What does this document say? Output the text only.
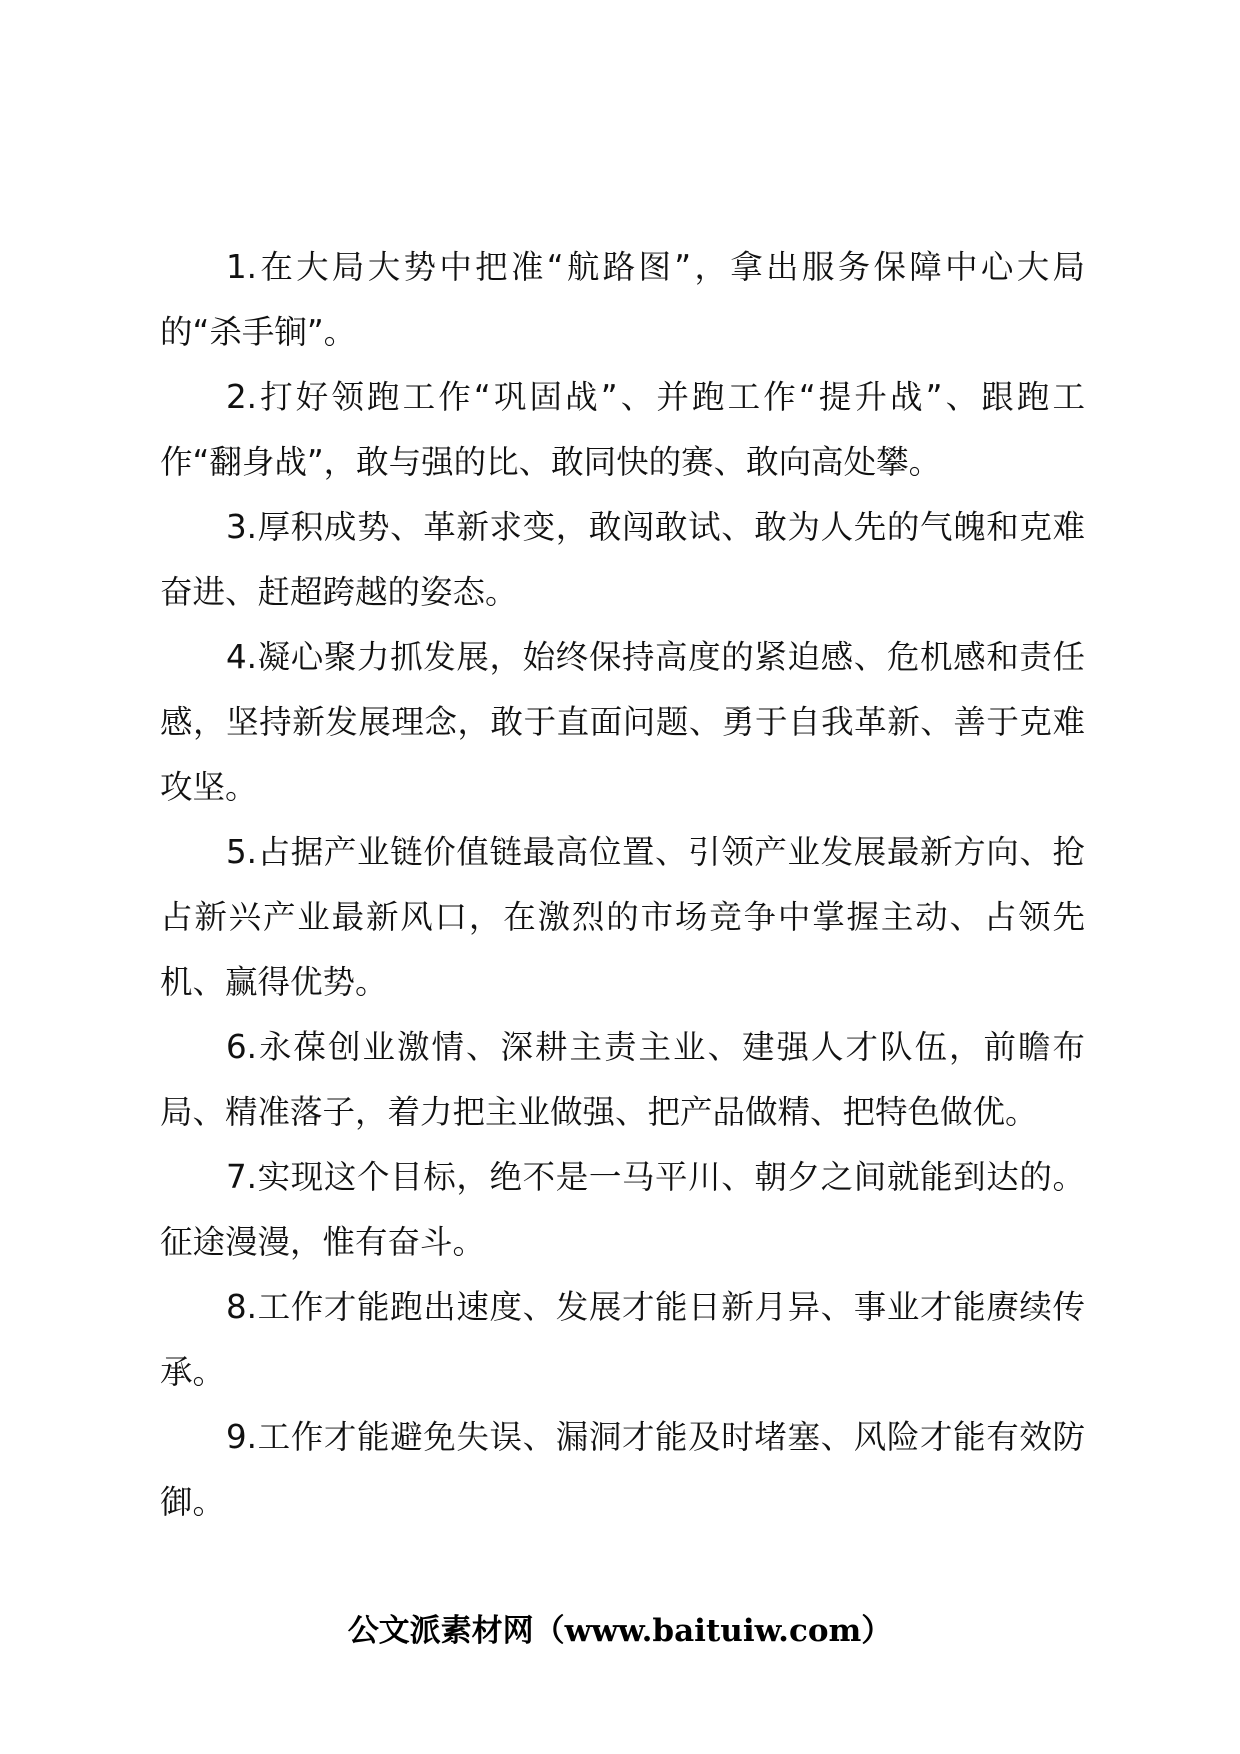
1.在大局大势中把准“航路图”，拿出服务保障中心大局的“杀手锏”。

2.打好领跑工作“巩固战”、并跑工作“提升战”、跟跑工作“翻身战”，敢与强的比、敢同快的赛、敢向高处攀。

3.厚积成势、革新求变，敢闯敢试、敢为人先的气魄和克难奋进、赶超跨越的姿态。

4.凝心聚力抓发展，始终保持高度的紧迫感、危机感和责任感，坚持新发展理念，敢于直面问题、勇于自我革新、善于克难攻坚。

5.占据产业链价值链最高位置、引领产业发展最新方向、抢占新兴产业最新风口，在激烈的市场竞争中掌握主动、占领先机、赢得优势。

6.永葆创业激情、深耕主责主业、建强人才队伍，前瞻布局、精准落子，着力把主业做强、把产品做精、把特色做优。

7.实现这个目标，绝不是一马平川、朝夕之间就能到达的。征途漫漫，惟有奋斗。

8.工作才能跑出速度、发展才能日新月异、事业才能赓续传承。

9.工作才能避免失误、漏洞才能及时堵塞、风险才能有效防御。

公文派素材网（www.baituiw.com）
